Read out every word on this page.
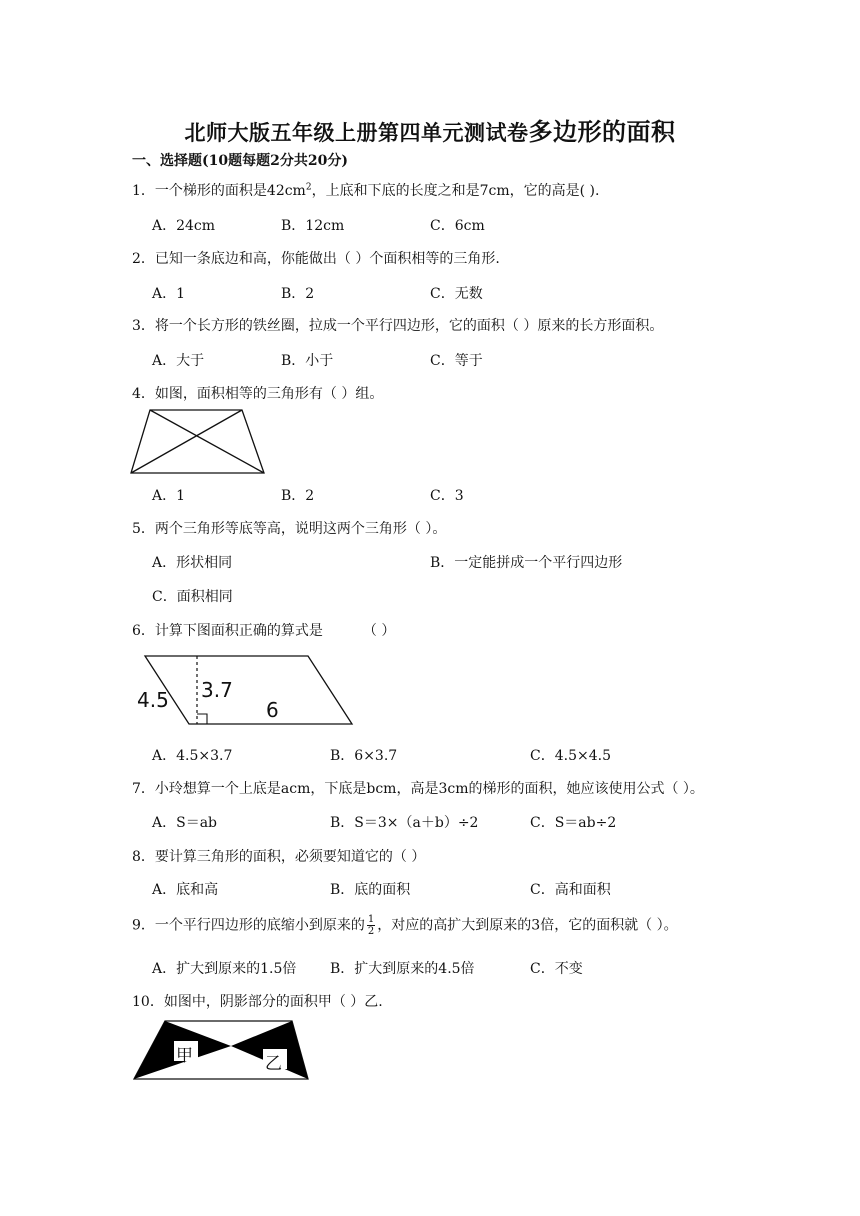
北师大版五年级上册第四单元测试卷多边形的面积
一、选择题(10题每题2分共20分)
1．一个梯形的面积是$42cm^2$，上底和下底的长度之和是7cm，它的高是( ).
A．24cm	B．12cm	C．6cm
2．已知一条底边和高，你能做出（ ）个面积相等的三角形.
A．1	B．2	C．无数
3．将一个长方形的铁丝圈，拉成一个平行四边形，它的面积（ ）原来的长方形面积。
A．大于	B．小于	C．等于
4．如图，面积相等的三角形有（ ）组。
A．1	B．2	C．3
5．两个三角形等底等高，说明这两个三角形（ ）。
A．形状相同	B．一定能拼成一个平行四边形
C．面积相同
6．计算下图面积正确的算式是	（ ）
4.5 3.7
6
A．4.5×3.7	B．6×3.7	C．4.5×4.5
7．小玲想算一个上底是acm，下底是bcm，高是3cm的梯形的面积，她应该使用公式（ ）。
A．S＝ab	B．S＝3×（a＋b）÷2	C．S＝ab÷2
8．要计算三角形的面积，必须要知道它的（ ）
A．底和高	B．底的面积	C．高和面积
9．一个平行四边形的底缩小到原来的 $\frac{1}{2}$ ，对应的高扩大到原来的3倍，它的面积就（ ）。
A．扩大到原来的1.5倍 B．扩大到原来的4.5倍	C．不变
10．如图中，阴影部分的面积甲（ ）乙.
甲	乙
